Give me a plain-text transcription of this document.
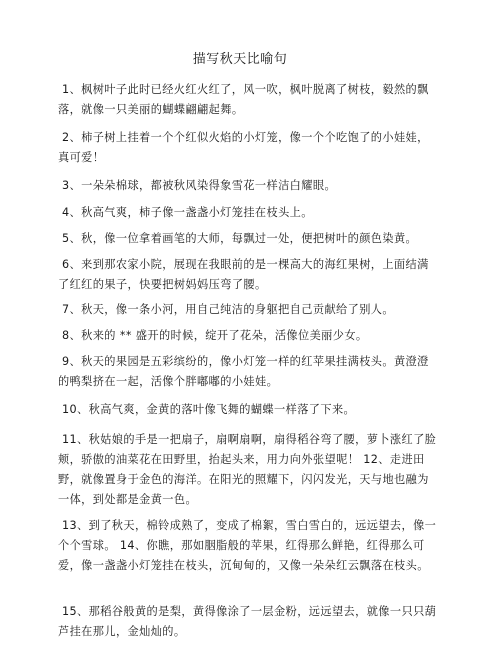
描写秋天比喻句
1、枫树叶子此时已经火红火红了，风一吹，枫叶脱离了树枝，毅然的飘落，就像一只美丽的蝴蝶翩翩起舞。
2、柿子树上挂着一个个红似火焰的小灯笼，像一个个吃饱了的小娃娃，真可爱！
3、一朵朵棉球，都被秋风染得象雪花一样洁白耀眼。
4、秋高气爽，柿子像一盏盏小灯笼挂在枝头上。
5、秋，像一位拿着画笔的大师，每飘过一处，便把树叶的颜色染黄。
6、来到那农家小院，展现在我眼前的是一棵高大的海红果树，上面结满了红红的果子，快要把树妈妈压弯了腰。
7、秋天，像一条小河，用自己纯洁的身躯把自己贡献给了别人。
8、秋来的 ** 盛开的时候，绽开了花朵，活像位美丽少女。
9、秋天的果园是五彩缤纷的，像小灯笼一样的红苹果挂满枝头。黄澄澄的鸭梨挤在一起，活像个胖嘟嘟的小娃娃。
10、秋高气爽，金黄的落叶像飞舞的蝴蝶一样落了下来。
11、秋姑娘的手是一把扇子，扇啊扇啊，扇得稻谷弯了腰，萝卜涨红了脸颊，骄傲的油菜花在田野里，抬起头来，用力向外张望呢！ 12、走进田野，就像置身于金色的海洋。在阳光的照耀下，闪闪发光，天与地也融为一体，到处都是金黄一色。
13、到了秋天，棉铃成熟了，变成了棉絮，雪白雪白的，远远望去，像一个个雪球。 14、你瞧，那如胭脂般的苹果，红得那么鲜艳，红得那么可爱，像一盏盏小灯笼挂在枝头，沉甸甸的，又像一朵朵红云飘落在枝头。
15、那稻谷般黄的是梨，黄得像涂了一层金粉，远远望去，就像一只只葫芦挂在那儿，金灿灿的。
